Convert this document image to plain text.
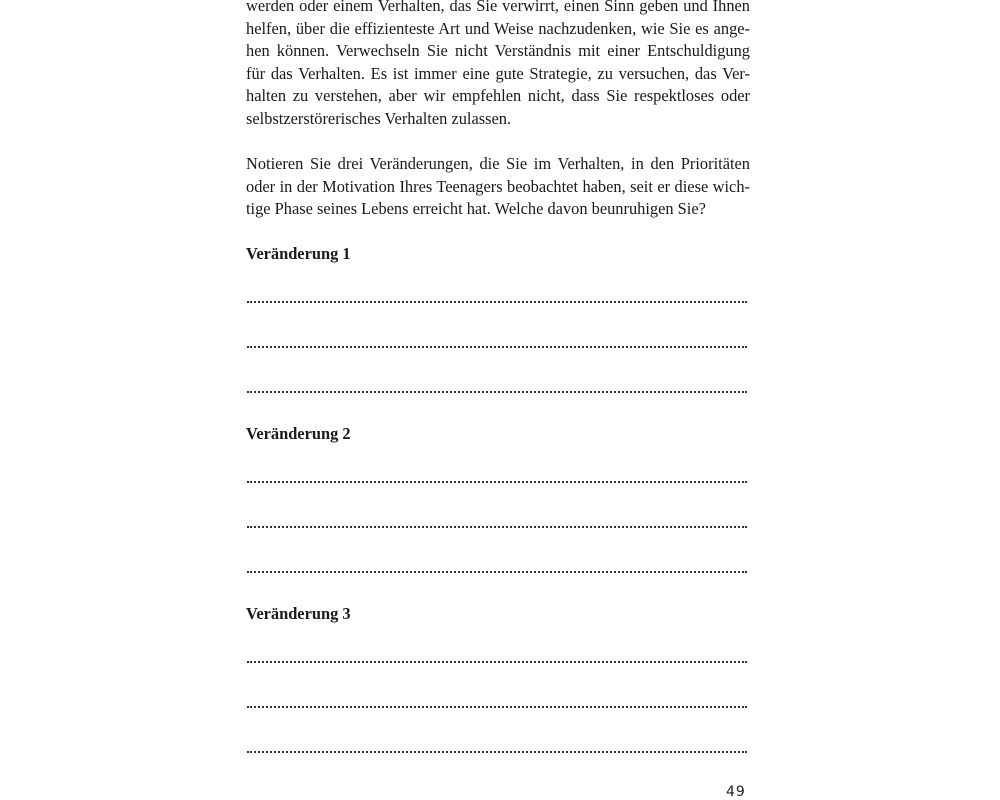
werden oder einem Verhalten, das Sie verwirrt, einen Sinn geben und Ihnen
helfen, über die effizienteste Art und Weise nachzudenken, wie Sie es ange-
hen können. Verwechseln Sie nicht Verständnis mit einer Entschuldigung
für das Verhalten. Es ist immer eine gute Strategie, zu versuchen, das Ver-
halten zu verstehen, aber wir empfehlen nicht, dass Sie respektloses oder
selbstzerstörerisches Verhalten zulassen.
Notieren Sie drei Veränderungen, die Sie im Verhalten, in den Prioritäten
oder in der Motivation Ihres Teenagers beobachtet haben, seit er diese wich-
tige Phase seines Lebens erreicht hat. Welche davon beunruhigen Sie?
Veränderung 1
Veränderung 2
Veränderung 3
49
